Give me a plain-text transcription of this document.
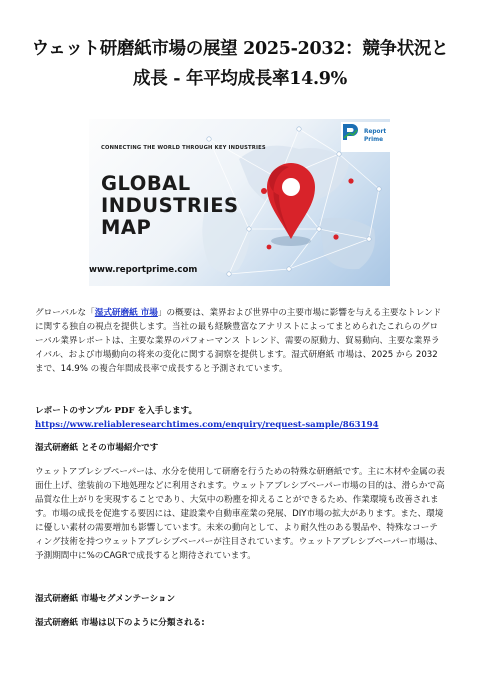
ウェット研磨紙市場の展望 2025-2032：競争状況と成長 - 年平均成長率14.9%
CONNECTING THE WORLD THROUGH KEY INDUSTRIES
GLOBAL
INDUSTRIES
MAP
www.reportprime.com
Report
Prime
グローバルな「湿式研磨紙 市場」の概要は、業界および世界中の主要市場に影響を与える主要なトレンドに関する独自の視点を提供します。当社の最も経験豊富なアナリストによってまとめられたこれらのグローバル業界レポートは、主要な業界のパフォーマンス トレンド、需要の原動力、貿易動向、主要な業界ライバル、および市場動向の将来の変化に関する洞察を提供します。湿式研磨紙 市場は、2025 から 2032 まで、14.9% の複合年間成長率で成長すると予測されています。
レポートのサンプル PDF を入手します。https://www.reliableresearchtimes.com/enquiry/request-sample/863194
湿式研磨紙 とその市場紹介です
ウェットアブレシブペーパーは、水分を使用して研磨を行うための特殊な研磨紙です。主に木材や金属の表面仕上げ、塗装前の下地処理などに利用されます。ウェットアブレシブペーパー市場の目的は、滑らかで高品質な仕上がりを実現することであり、大気中の粉塵を抑えることができるため、作業環境も改善されます。市場の成長を促進する要因には、建設業や自動車産業の発展、DIY市場の拡大があります。また、環境に優しい素材の需要増加も影響しています。未来の動向として、より耐久性のある製品や、特殊なコーティング技術を持つウェットアブレシブペーパーが注目されています。ウェットアブレシブペーパー市場は、予測期間中に%のCAGRで成長すると期待されています。
湿式研磨紙 市場セグメンテーション
湿式研磨紙 市場は以下のように分類される:
